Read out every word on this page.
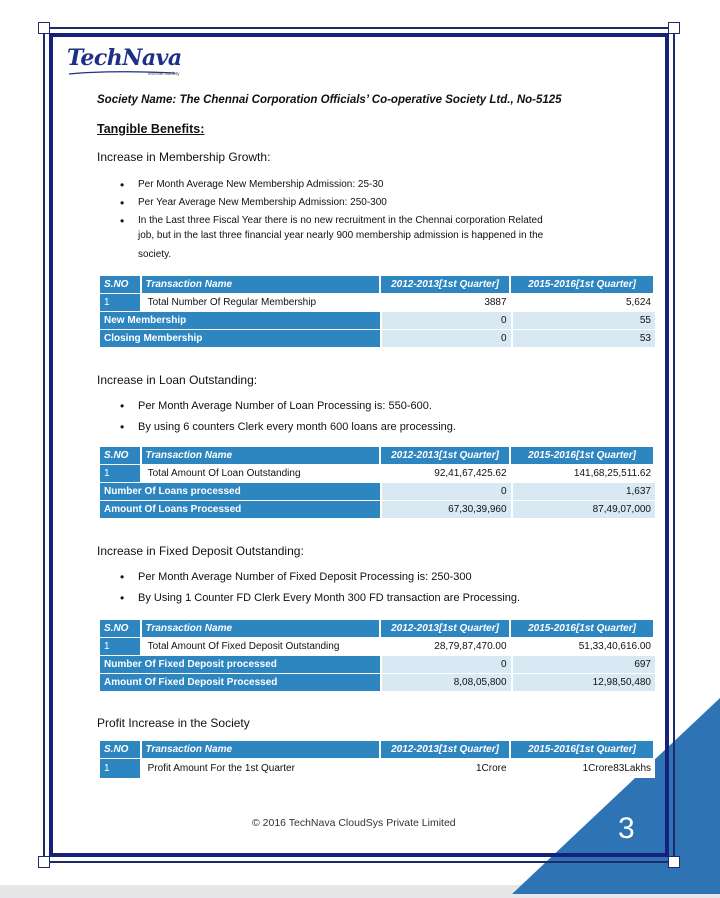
TechNava
TechNet Society
Society Name: The Chennai Corporation Officials’ Co-operative Society Ltd., No-5125
Tangible Benefits:
Increase in Membership Growth:
• Per Month Average New Membership Admission: 25-30
• Per Year Average New Membership Admission: 250-300
• In the Last three Fiscal Year there is no new recruitment in the Chennai corporation Related
job, but in the last three financial year nearly 900 membership admission is happened in the
society.
S.NO	Transaction Name	2012-2013[1st Quarter]	2015-2016[1st Quarter]
1	Total Number Of Regular Membership	3887	5,624
New Membership	0	55
Closing Membership	0	53
Increase in Loan Outstanding:
• Per Month Average Number of Loan Processing is: 550-600.
• By using 6 counters Clerk every month 600 loans are processing.
S.NO	Transaction Name	2012-2013[1st Quarter]	2015-2016[1st Quarter]
1	Total Amount Of Loan Outstanding	92,41,67,425.62	141,68,25,511.62
Number Of Loans processed	0	1,637
Amount Of Loans Processed	67,30,39,960	87,49,07,000
Increase in Fixed Deposit Outstanding:
• Per Month Average Number of Fixed Deposit Processing is: 250-300
• By Using 1 Counter FD Clerk Every Month 300 FD transaction are Processing.
S.NO	Transaction Name	2012-2013[1st Quarter]	2015-2016[1st Quarter]
1	Total Amount Of Fixed Deposit Outstanding	28,79,87,470.00	51,33,40,616.00
Number Of Fixed Deposit processed	0	697
Amount Of Fixed Deposit Processed	8,08,05,800	12,98,50,480
Profit Increase in the Society
S.NO	Transaction Name	2012-2013[1st Quarter]	2015-2016[1st Quarter]
1	Profit Amount For the 1st Quarter	1Crore	1Crore83Lakhs
© 2016 TechNava CloudSys Private Limited	3
